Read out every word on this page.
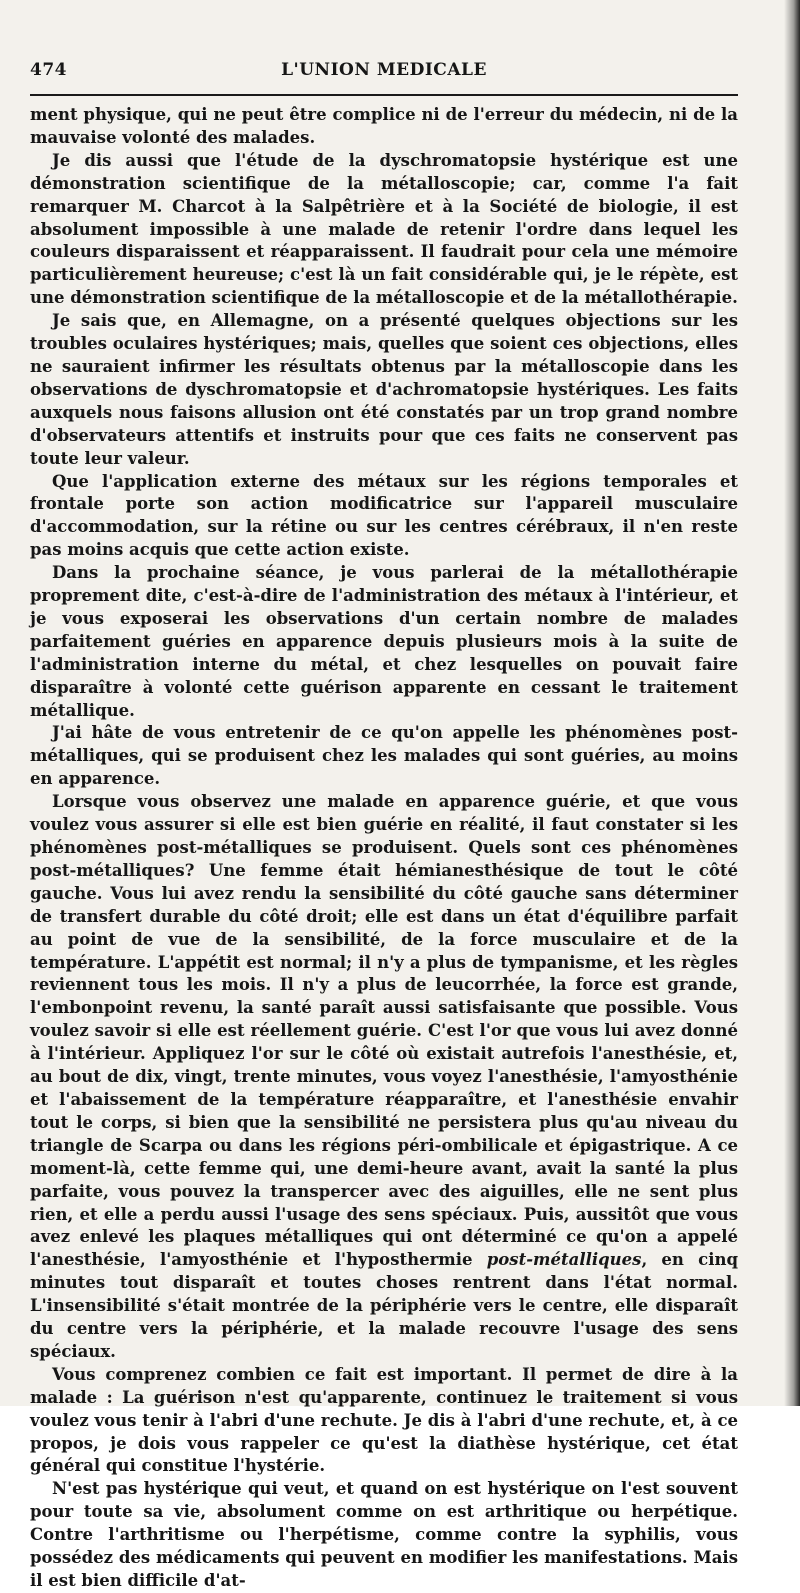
474	L'UNION MEDICALE

ment physique, qui ne peut être complice ni de l'erreur du médecin, ni de la mauvaise volonté des malades.

Je dis aussi que l'étude de la dyschromatopsie hystérique est une démonstration scientifique de la métalloscopie; car, comme l'a fait remarquer M. Charcot à la Salpêtrière et à la Société de biologie, il est absolument impossible à une malade de retenir l'ordre dans lequel les couleurs disparaissent et réapparaissent. Il faudrait pour cela une mémoire particulièrement heureuse; c'est là un fait considérable qui, je le répète, est une démonstration scientifique de la métalloscopie et de la métallothérapie.

Je sais que, en Allemagne, on a présenté quelques objections sur les troubles oculaires hystériques; mais, quelles que soient ces objections, elles ne sauraient infirmer les résultats obtenus par la métalloscopie dans les observations de dyschromatopsie et d'achromatopsie hystériques. Les faits auxquels nous faisons allusion ont été constatés par un trop grand nombre d'observateurs attentifs et instruits pour que ces faits ne conservent pas toute leur valeur.

Que l'application externe des métaux sur les régions temporales et frontale porte son action modificatrice sur l'appareil musculaire d'accommodation, sur la rétine ou sur les centres cérébraux, il n'en reste pas moins acquis que cette action existe.

Dans la prochaine séance, je vous parlerai de la métallothérapie proprement dite, c'est-à-dire de l'administration des métaux à l'intérieur, et je vous exposerai les observations d'un certain nombre de malades parfaitement guéries en apparence depuis plusieurs mois à la suite de l'administration interne du métal, et chez lesquelles on pouvait faire disparaître à volonté cette guérison apparente en cessant le traitement métallique.

J'ai hâte de vous entretenir de ce qu'on appelle les phénomènes post-métalliques, qui se produisent chez les malades qui sont guéries, au moins en apparence.

Lorsque vous observez une malade en apparence guérie, et que vous voulez vous assurer si elle est bien guérie en réalité, il faut constater si les phénomènes post-métalliques se produisent. Quels sont ces phénomènes post-métalliques? Une femme était hémianesthésique de tout le côté gauche. Vous lui avez rendu la sensibilité du côté gauche sans déterminer de transfert durable du côté droit; elle est dans un état d'équilibre parfait au point de vue de la sensibilité, de la force musculaire et de la température. L'appétit est normal; il n'y a plus de tympanisme, et les règles reviennent tous les mois. Il n'y a plus de leucorrhée, la force est grande, l'embonpoint revenu, la santé paraît aussi satisfaisante que possible. Vous voulez savoir si elle est réellement guérie. C'est l'or que vous lui avez donné à l'intérieur. Appliquez l'or sur le côté où existait autrefois l'anesthésie, et, au bout de dix, vingt, trente minutes, vous voyez l'anesthésie, l'amyosthénie et l'abaissement de la température réapparaître, et l'anesthésie envahir tout le corps, si bien que la sensibilité ne persistera plus qu'au niveau du triangle de Scarpa ou dans les régions péri-ombilicale et épigastrique. A ce moment-là, cette femme qui, une demi-heure avant, avait la santé la plus parfaite, vous pouvez la transpercer avec des aiguilles, elle ne sent plus rien, et elle a perdu aussi l'usage des sens spéciaux. Puis, aussitôt que vous avez enlevé les plaques métalliques qui ont déterminé ce qu'on a appelé l'anesthésie, l'amyosthénie et l'hyposthermie post-métalliques, en cinq minutes tout disparaît et toutes choses rentrent dans l'état normal. L'insensibilité s'était montrée de la périphérie vers le centre, elle disparaît du centre vers la périphérie, et la malade recouvre l'usage des sens spéciaux.

Vous comprenez combien ce fait est important. Il permet de dire à la malade : La guérison n'est qu'apparente, continuez le traitement si vous voulez vous tenir à l'abri d'une rechute. Je dis à l'abri d'une rechute, et, à ce propos, je dois vous rappeler ce qu'est la diathèse hystérique, cet état général qui constitue l'hystérie.

N'est pas hystérique qui veut, et quand on est hystérique on l'est souvent pour toute sa vie, absolument comme on est arthritique ou herpétique. Contre l'arthritisme ou l'herpétisme, comme contre la syphilis, vous possédez des médicaments qui peuvent en modifier les manifestations. Mais il est bien difficile d'at-
